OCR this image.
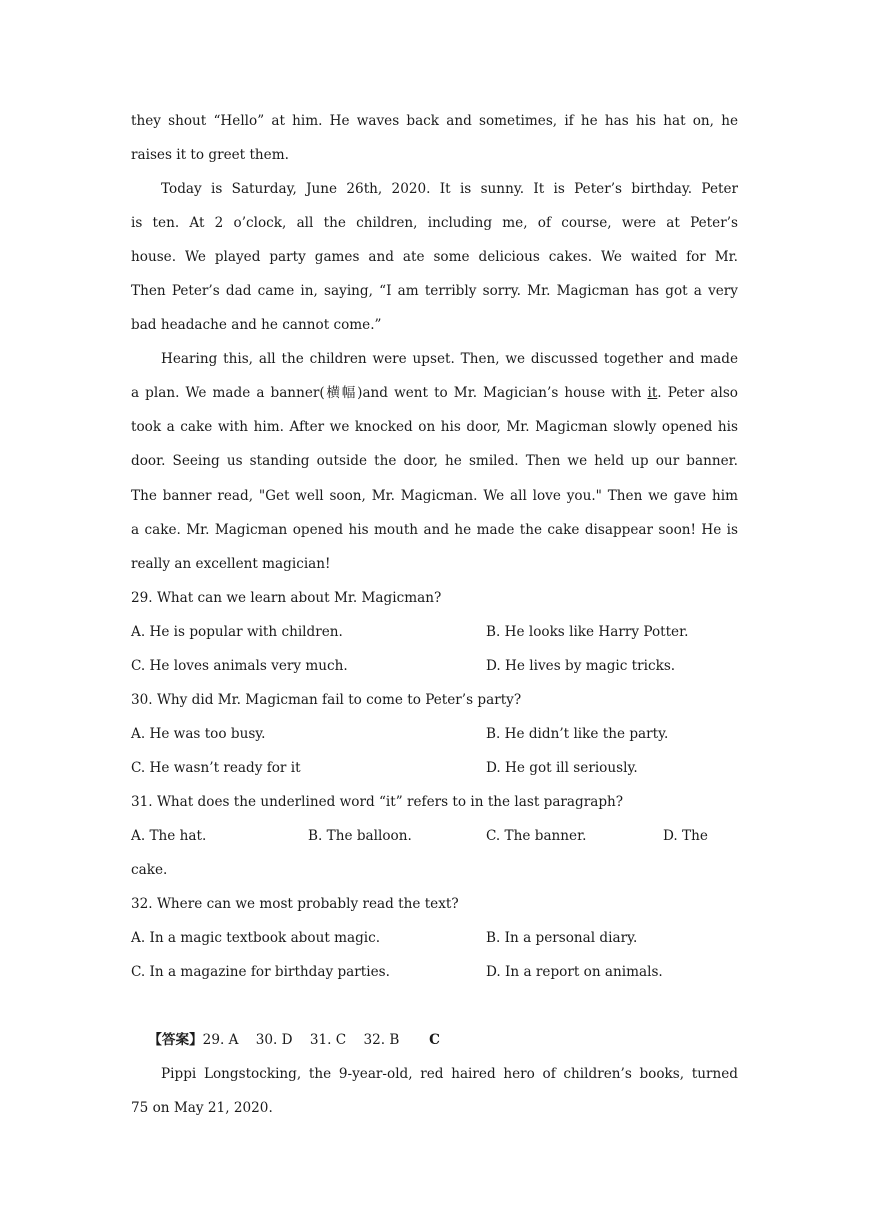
they shout “Hello” at him. He waves back and sometimes, if he has his hat on, he
raises it to greet them.
Today is Saturday, June 26th, 2020. It is sunny. It is Peter’s birthday. Peter
is ten. At 2 o’clock, all the children, including me, of course, were at Peter’s
house. We played party games and ate some delicious cakes. We waited for Mr.
Then Peter’s dad came in, saying, “I am terribly sorry. Mr. Magicman has got a very
bad headache and he cannot come.”
Hearing this, all the children were upset. Then, we discussed together and made
a plan. We made a banner(横幅)and went to Mr. Magician’s house with it. Peter also
took a cake with him. After we knocked on his door, Mr. Magicman slowly opened his
door. Seeing us standing outside the door, he smiled. Then we held up our banner.
The banner read, "Get well soon, Mr. Magicman. We all love you." Then we gave him
a cake. Mr. Magicman opened his mouth and he made the cake disappear soon! He is
really an excellent magician!
29. What can we learn about Mr. Magicman?
A. He is popular with children.	B. He looks like Harry Potter.
C. He loves animals very much.	D. He lives by magic tricks.
30. Why did Mr. Magicman fail to come to Peter’s party?
A. He was too busy.	B. He didn’t like the party.
C. He wasn’t ready for it	D. He got ill seriously.
31. What does the underlined word “it” refers to in the last paragraph?
A. The hat.	B. The balloon.	C. The banner.	D. The
cake.
32. Where can we most probably read the text?
A. In a magic textbook about magic.	B. In a personal diary.
C. In a magazine for birthday parties.	D. In a report on animals.

【答案】29. A    30. D    31. C    32. B
	C
Pippi Longstocking, the 9-year-old, red haired hero of children’s books, turned
75 on May 21, 2020.
